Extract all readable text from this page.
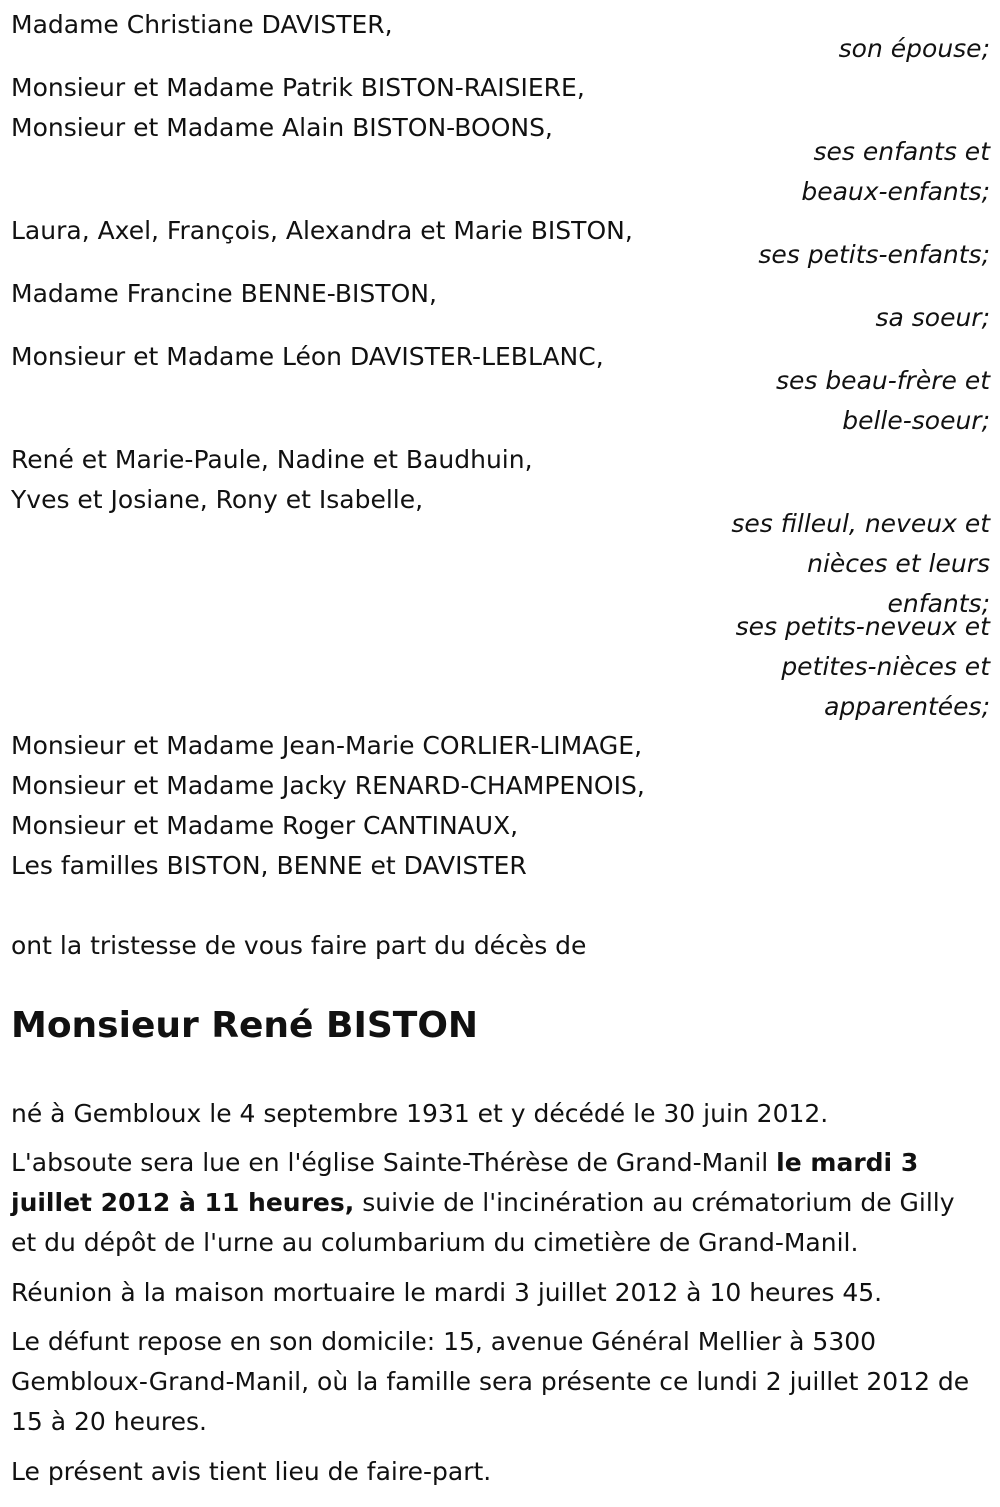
Madame Christiane DAVISTER,
son épouse;
Monsieur et Madame Patrik BISTON-RAISIERE,
Monsieur et Madame Alain BISTON-BOONS,
ses enfants et
beaux-enfants;
Laura, Axel, François, Alexandra et Marie BISTON,
ses petits-enfants;
Madame Francine BENNE-BISTON,
sa soeur;
Monsieur et Madame Léon DAVISTER-LEBLANC,
ses beau-frère et
belle-soeur;
René et Marie-Paule, Nadine et Baudhuin,
Yves et Josiane, Rony et Isabelle,
ses filleul, neveux et
nièces et leurs
enfants;
ses petits-neveux et
petites-nièces et
apparentées;
Monsieur et Madame Jean-Marie CORLIER-LIMAGE,
Monsieur et Madame Jacky RENARD-CHAMPENOIS,
Monsieur et Madame Roger CANTINAUX,
Les familles BISTON, BENNE et DAVISTER
ont la tristesse de vous faire part du décès de
Monsieur René BISTON
né à Gembloux le 4 septembre 1931 et y décédé le 30 juin 2012.
L'absoute sera lue en l'église Sainte-Thérèse de Grand-Manil le mardi 3 juillet 2012 à 11 heures, suivie de l'incinération au crématorium de Gilly et du dépôt de l'urne au columbarium du cimetière de Grand-Manil.
Réunion à la maison mortuaire le mardi 3 juillet 2012 à 10 heures 45.
Le défunt repose en son domicile: 15, avenue Général Mellier à 5300 Gembloux-Grand-Manil, où la famille sera présente ce lundi 2 juillet 2012 de 15 à 20 heures.
Le présent avis tient lieu de faire-part.
